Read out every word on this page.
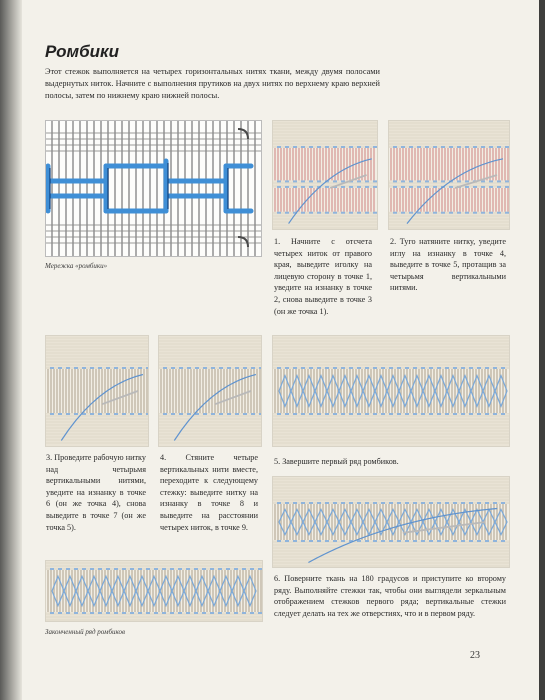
Ромбики
Этот стежок выполняется на четырех горизонтальных нитях ткани, между двумя полосами выдернутых ниток. Начните с выполнения прутиков на двух нитях по верхнему краю верхней полосы, затем по нижнему краю нижней полосы.
Мережка «ромбики»
1. Начните с отсчета четырех ниток от правого края, выведите иголку на лицевую сторону в точке 1, уведите на изнанку в точке 2, снова выведите в точке 3 (он же точка 1).
2. Туго натяните нитку, уведите иглу на изнанку в точке 4, выведите в точке 5, протащив за четырьмя вертикальными нитями.
3. Проведите рабочую нитку над четырьмя вертикальными нитями, уведите на изнанку в точке 6 (он же точка 4), снова выведите в точке 7 (он же точка 5).
4. Стяните четыре вертикальных нити вместе, переходите к следующему стежку: выведите нитку на изнанку в точке 8 и выведите на расстоянии четырех ниток, в точке 9.
5. Завершите первый ряд ромбиков.
6. Поверните ткань на 180 градусов и приступите ко второму ряду. Выполняйте стежки так, чтобы они выглядели зеркальным отображением стежков первого ряда; вертикальные стежки следует делать на тех же отверстиях, что и в первом ряду.
Законченный ряд ромбиков
23
